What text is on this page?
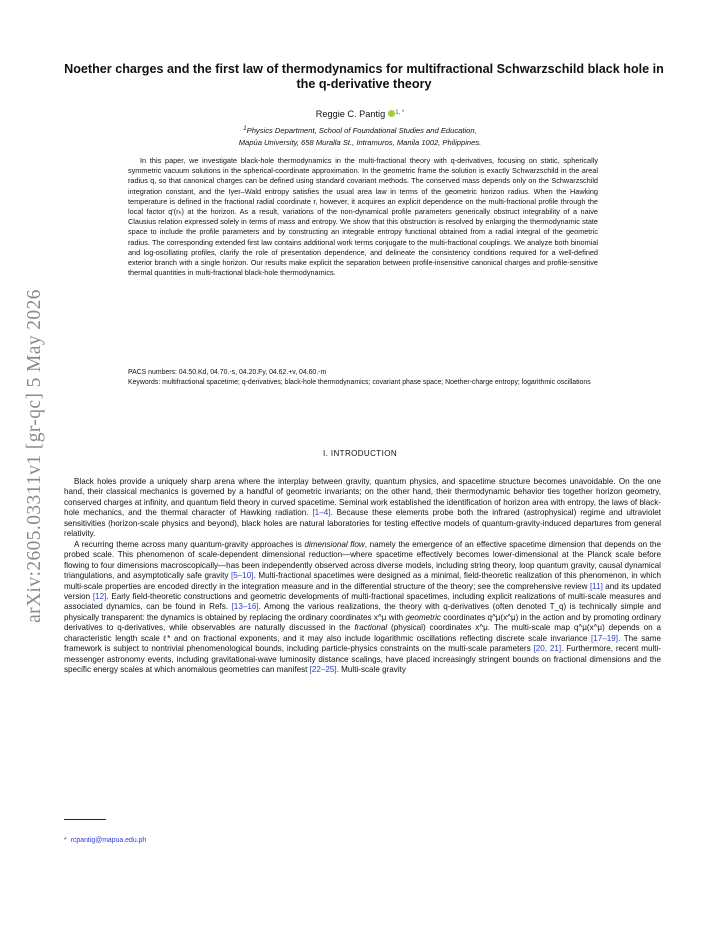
arXiv:2605.03311v1 [gr-qc] 5 May 2026
Noether charges and the first law of thermodynamics for multifractional Schwarzschild black hole in the q-derivative theory
Reggie C. Pantig $^{1, *}$
$^1$Physics Department, School of Foundational Studies and Education,
Mapúa University, 658 Muralla St., Intramuros, Manila 1002, Philippines.

In this paper, we investigate black-hole thermodynamics in the multi-fractional theory with q-derivatives, focusing on static, spherically symmetric vacuum solutions in the spherical-coordinate approximation. In the geometric frame the solution is exactly Schwarzschild in the areal radius q, so that canonical charges can be defined using standard covariant methods. The conserved mass depends only on the Schwarzschild integration constant, and the Iyer–Wald entropy satisfies the usual area law in terms of the geometric horizon radius. When the Hawking temperature is defined in the fractional radial coordinate r, however, it acquires an explicit dependence on the multi-fractional profile through the local factor q′(rₕ) at the horizon. As a result, variations of the non-dynamical profile parameters generically obstruct integrability of a naive Clausius relation expressed solely in terms of mass and entropy. We show that this obstruction is resolved by enlarging the thermodynamic state space to include the profile parameters and by constructing an integrable entropy functional obtained from a radial integral of the geometric radius. The corresponding extended first law contains additional work terms conjugate to the multi-fractional couplings. We analyze both binomial and log-oscillating profiles, clarify the role of presentation dependence, and delineate the consistency conditions required for a well-defined exterior branch with a single horizon. Our results make explicit the separation between profile-insensitive canonical charges and profile-sensitive thermal quantities in multi-fractional black-hole thermodynamics.

PACS numbers: 04.50.Kd, 04.70.-s, 04.20.Fy, 04.62.+v, 04.60.-m

Keywords: multifractional spacetime; q-derivatives; black-hole thermodynamics; covariant phase space; Noether-charge entropy; logarithmic oscillations

I. INTRODUCTION

Black holes provide a uniquely sharp arena where the interplay between gravity, quantum physics, and spacetime structure becomes unavoidable. On the one hand, their classical mechanics is governed by a handful of geometric invariants; on the other hand, their thermodynamic behavior ties together horizon geometry, conserved charges at infinity, and quantum field theory in curved spacetime. Seminal work established the identification of horizon area with entropy, the laws of black-hole mechanics, and the thermal character of Hawking radiation. [1–4]. Because these elements probe both the infrared (astrophysical) regime and ultraviolet sensitivities (horizon-scale physics and beyond), black holes are natural laboratories for testing effective models of quantum-gravity-induced departures from general relativity.

A recurring theme across many quantum-gravity approaches is dimensional flow, namely the emergence of an effective spacetime dimension that depends on the probed scale. This phenomenon of scale-dependent dimensional reduction—where spacetime effectively becomes lower-dimensional at the Planck scale before flowing to four dimensions macroscopically—has been independently observed across diverse models, including string theory, loop quantum gravity, causal dynamical triangulations, and asymptotically safe gravity [5–10]. Multi-fractional spacetimes were designed as a minimal, field-theoretic realization of this phenomenon, in which multi-scale properties are encoded directly in the integration measure and in the differential structure of the theory; see the comprehensive review [11] and its updated version [12]. Early field-theoretic constructions and geometric developments of multi-fractional spacetimes, including explicit realizations of multi-scale measures and associated dynamics, can be found in Refs. [13–16]. Among the various realizations, the theory with q-derivatives (often denoted T_q) is technically simple and physically transparent: the dynamics is obtained by replacing the ordinary coordinates x^μ with geometric coordinates q^μ(x^μ) in the action and by promoting ordinary derivatives to q-derivatives, while observables are naturally discussed in the fractional (physical) coordinates x^μ. The multi-scale map q^μ(x^μ) depends on a characteristic length scale ℓ* and on fractional exponents, and it may also include logarithmic oscillations reflecting discrete scale invariance [17–19]. The same framework is subject to nontrivial phenomenological bounds, including particle-physics constraints on the multi-scale parameters [20, 21]. Furthermore, recent multi-messenger astronomy events, including gravitational-wave luminosity distance scalings, have placed increasingly stringent bounds on fractional dimensions and the specific energy scales at which anomalous geometries can manifest [22–25]. Multi-scale gravity

* rcpantig@mapua.edu.ph
